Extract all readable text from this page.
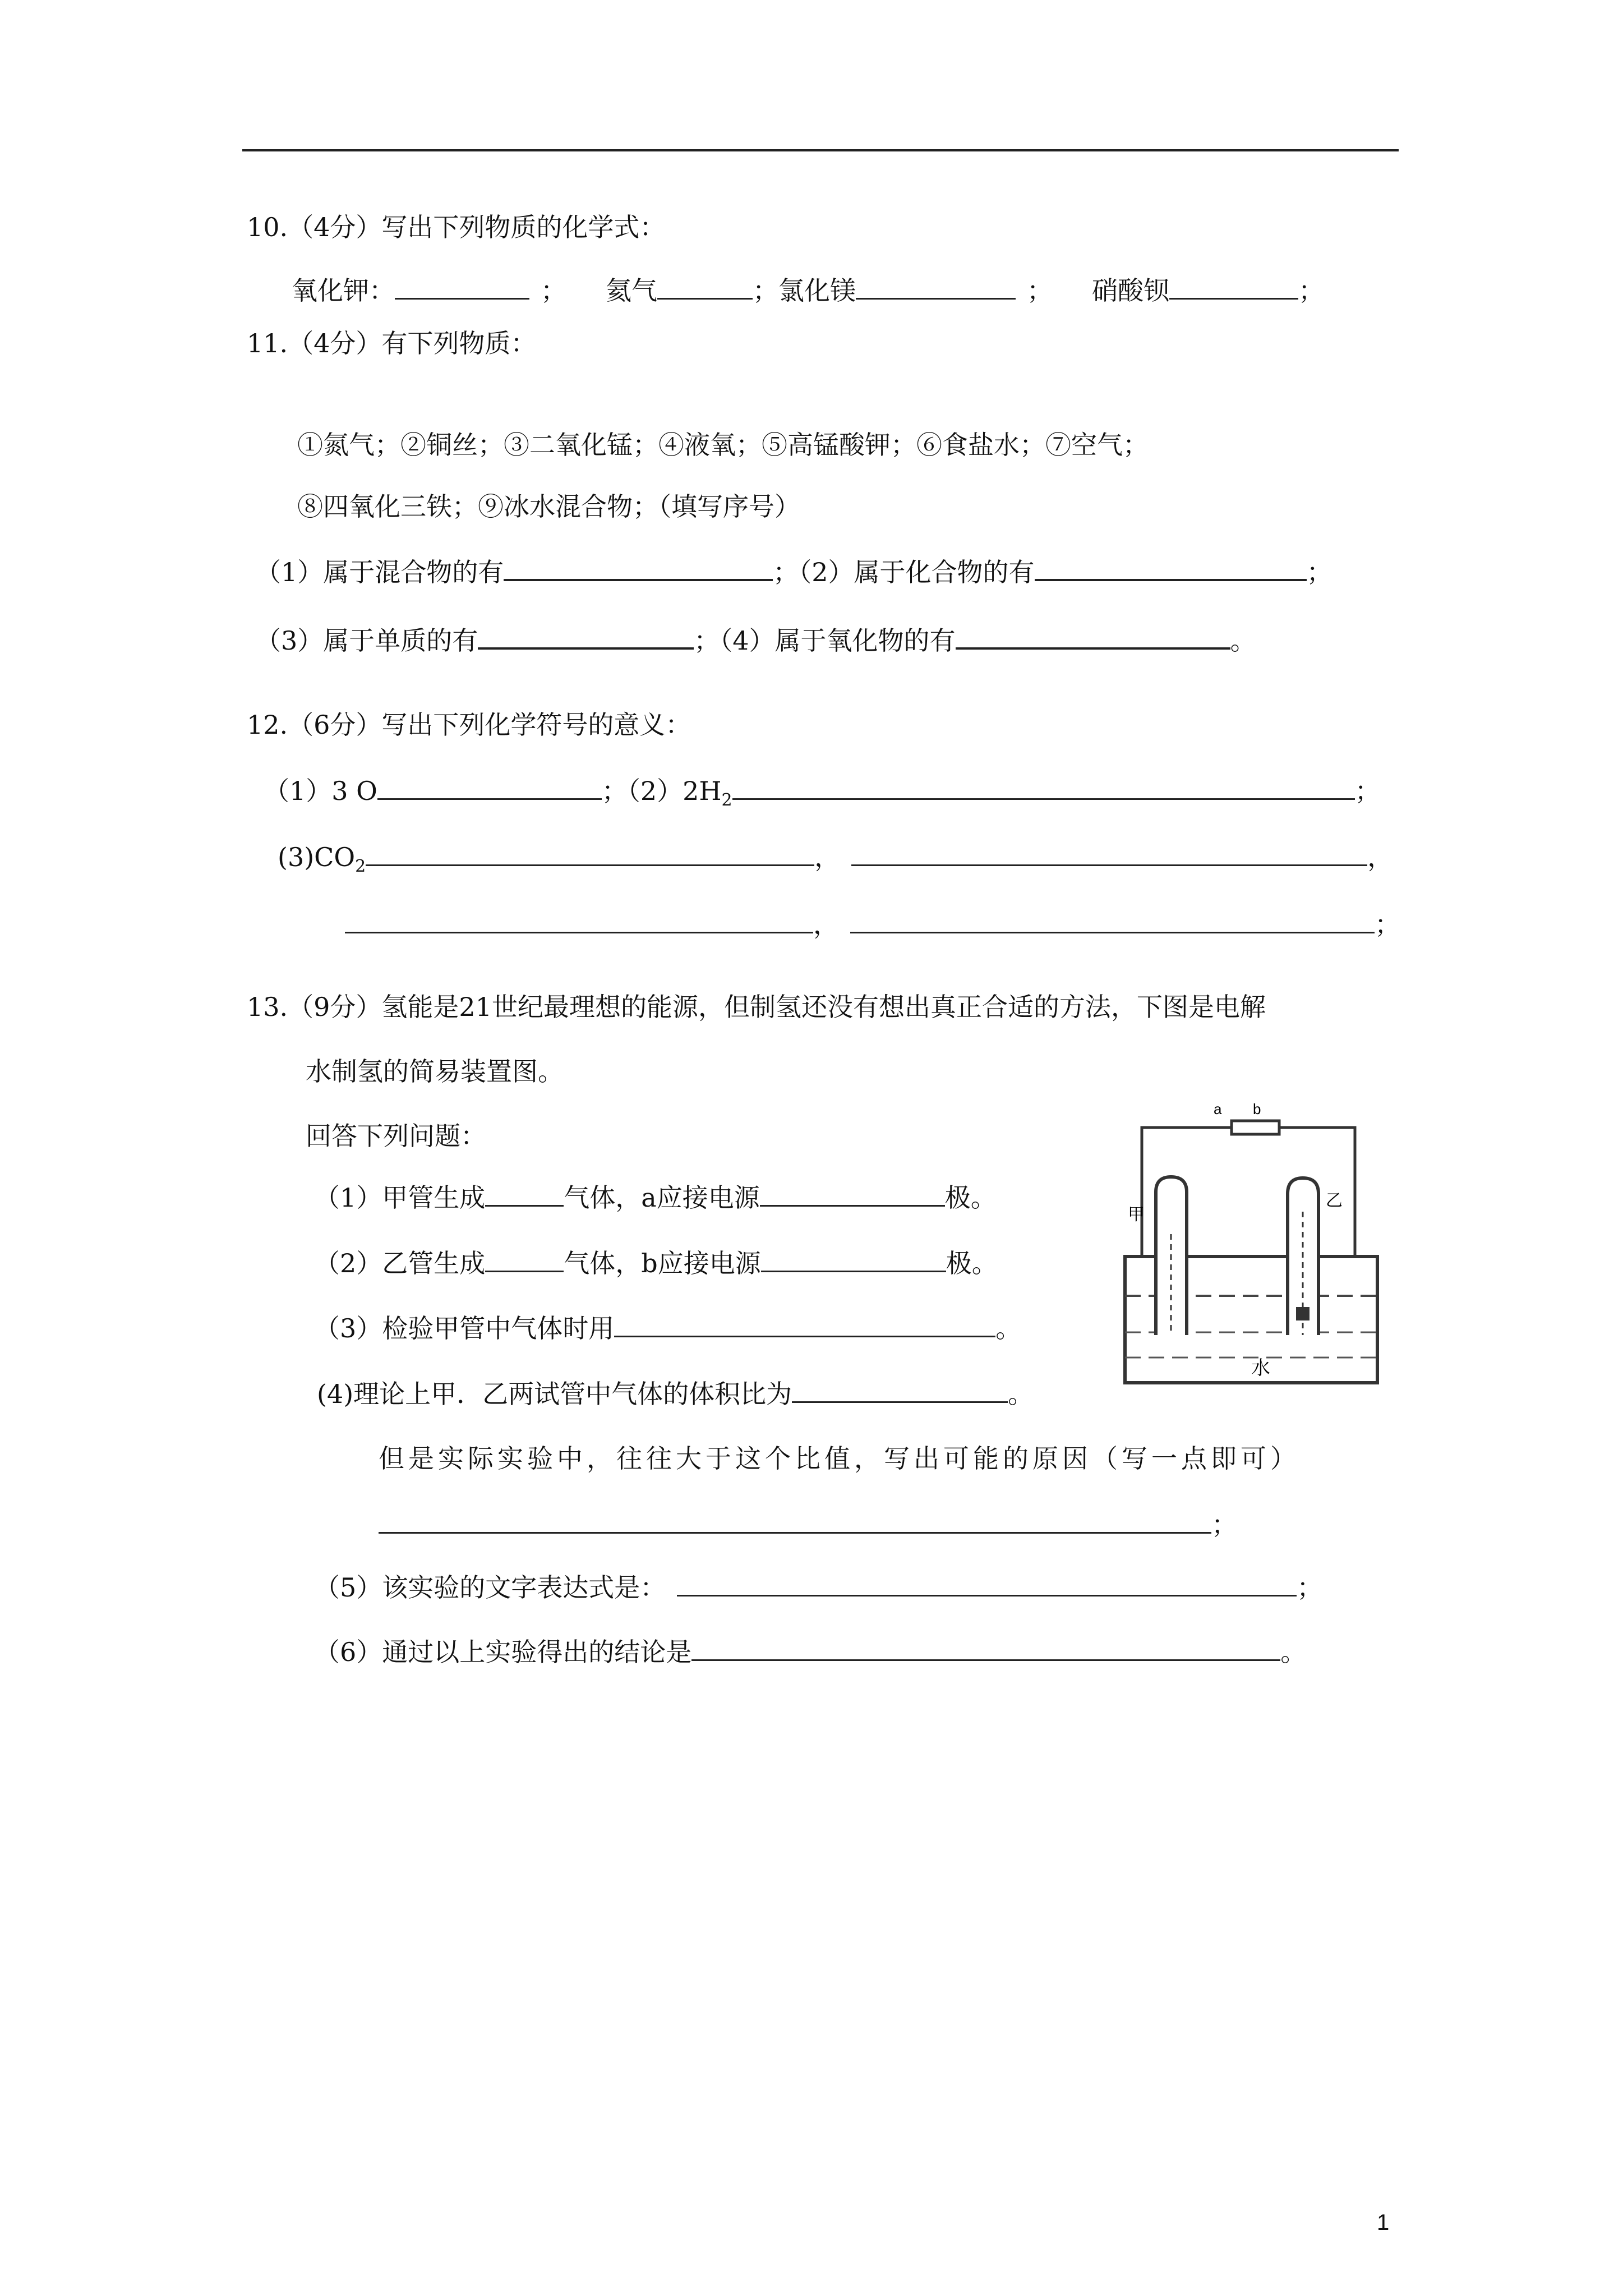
10.（4分）写出下列物质的化学式：
氧化钾：	； 氦气	；氯化镁	； 硝酸钡	；
11.（4分）有下列物质：
①氮气；②铜丝；③二氧化锰；④液氧；⑤高锰酸钾；⑥食盐水；⑦空气；
⑧四氧化三铁；⑨冰水混合物；（填写序号）
（1）属于混合物的有	；（2）属于化合物的有	；
（3）属于单质的有	；（4）属于氧化物的有	。
12.（6分）写出下列化学符号的意义：
（1）3 O	；$(2)2H_2$	；
$(3)CO_2$	，	，
，	；
13.（9分）氢能是21世纪最理想的能源，但制氢还没有想出真正合适的方法，下图是电解
水制氢的简易装置图。
回答下列问题：
（1）甲管生成	气体，a应接电源	极。
（2）乙管生成	气体，b应接电源	极。
（3）检验甲管中气体时用	。
(4)理论上甲．乙两试管中气体的体积比为	。
但是实际实验中，往往大于这个比值，写出可能的原因（写一点即可）
；
（5）该实验的文字表达式是：	；
（6）通过以上实验得出的结论是	。
a b
水
甲
乙
1
